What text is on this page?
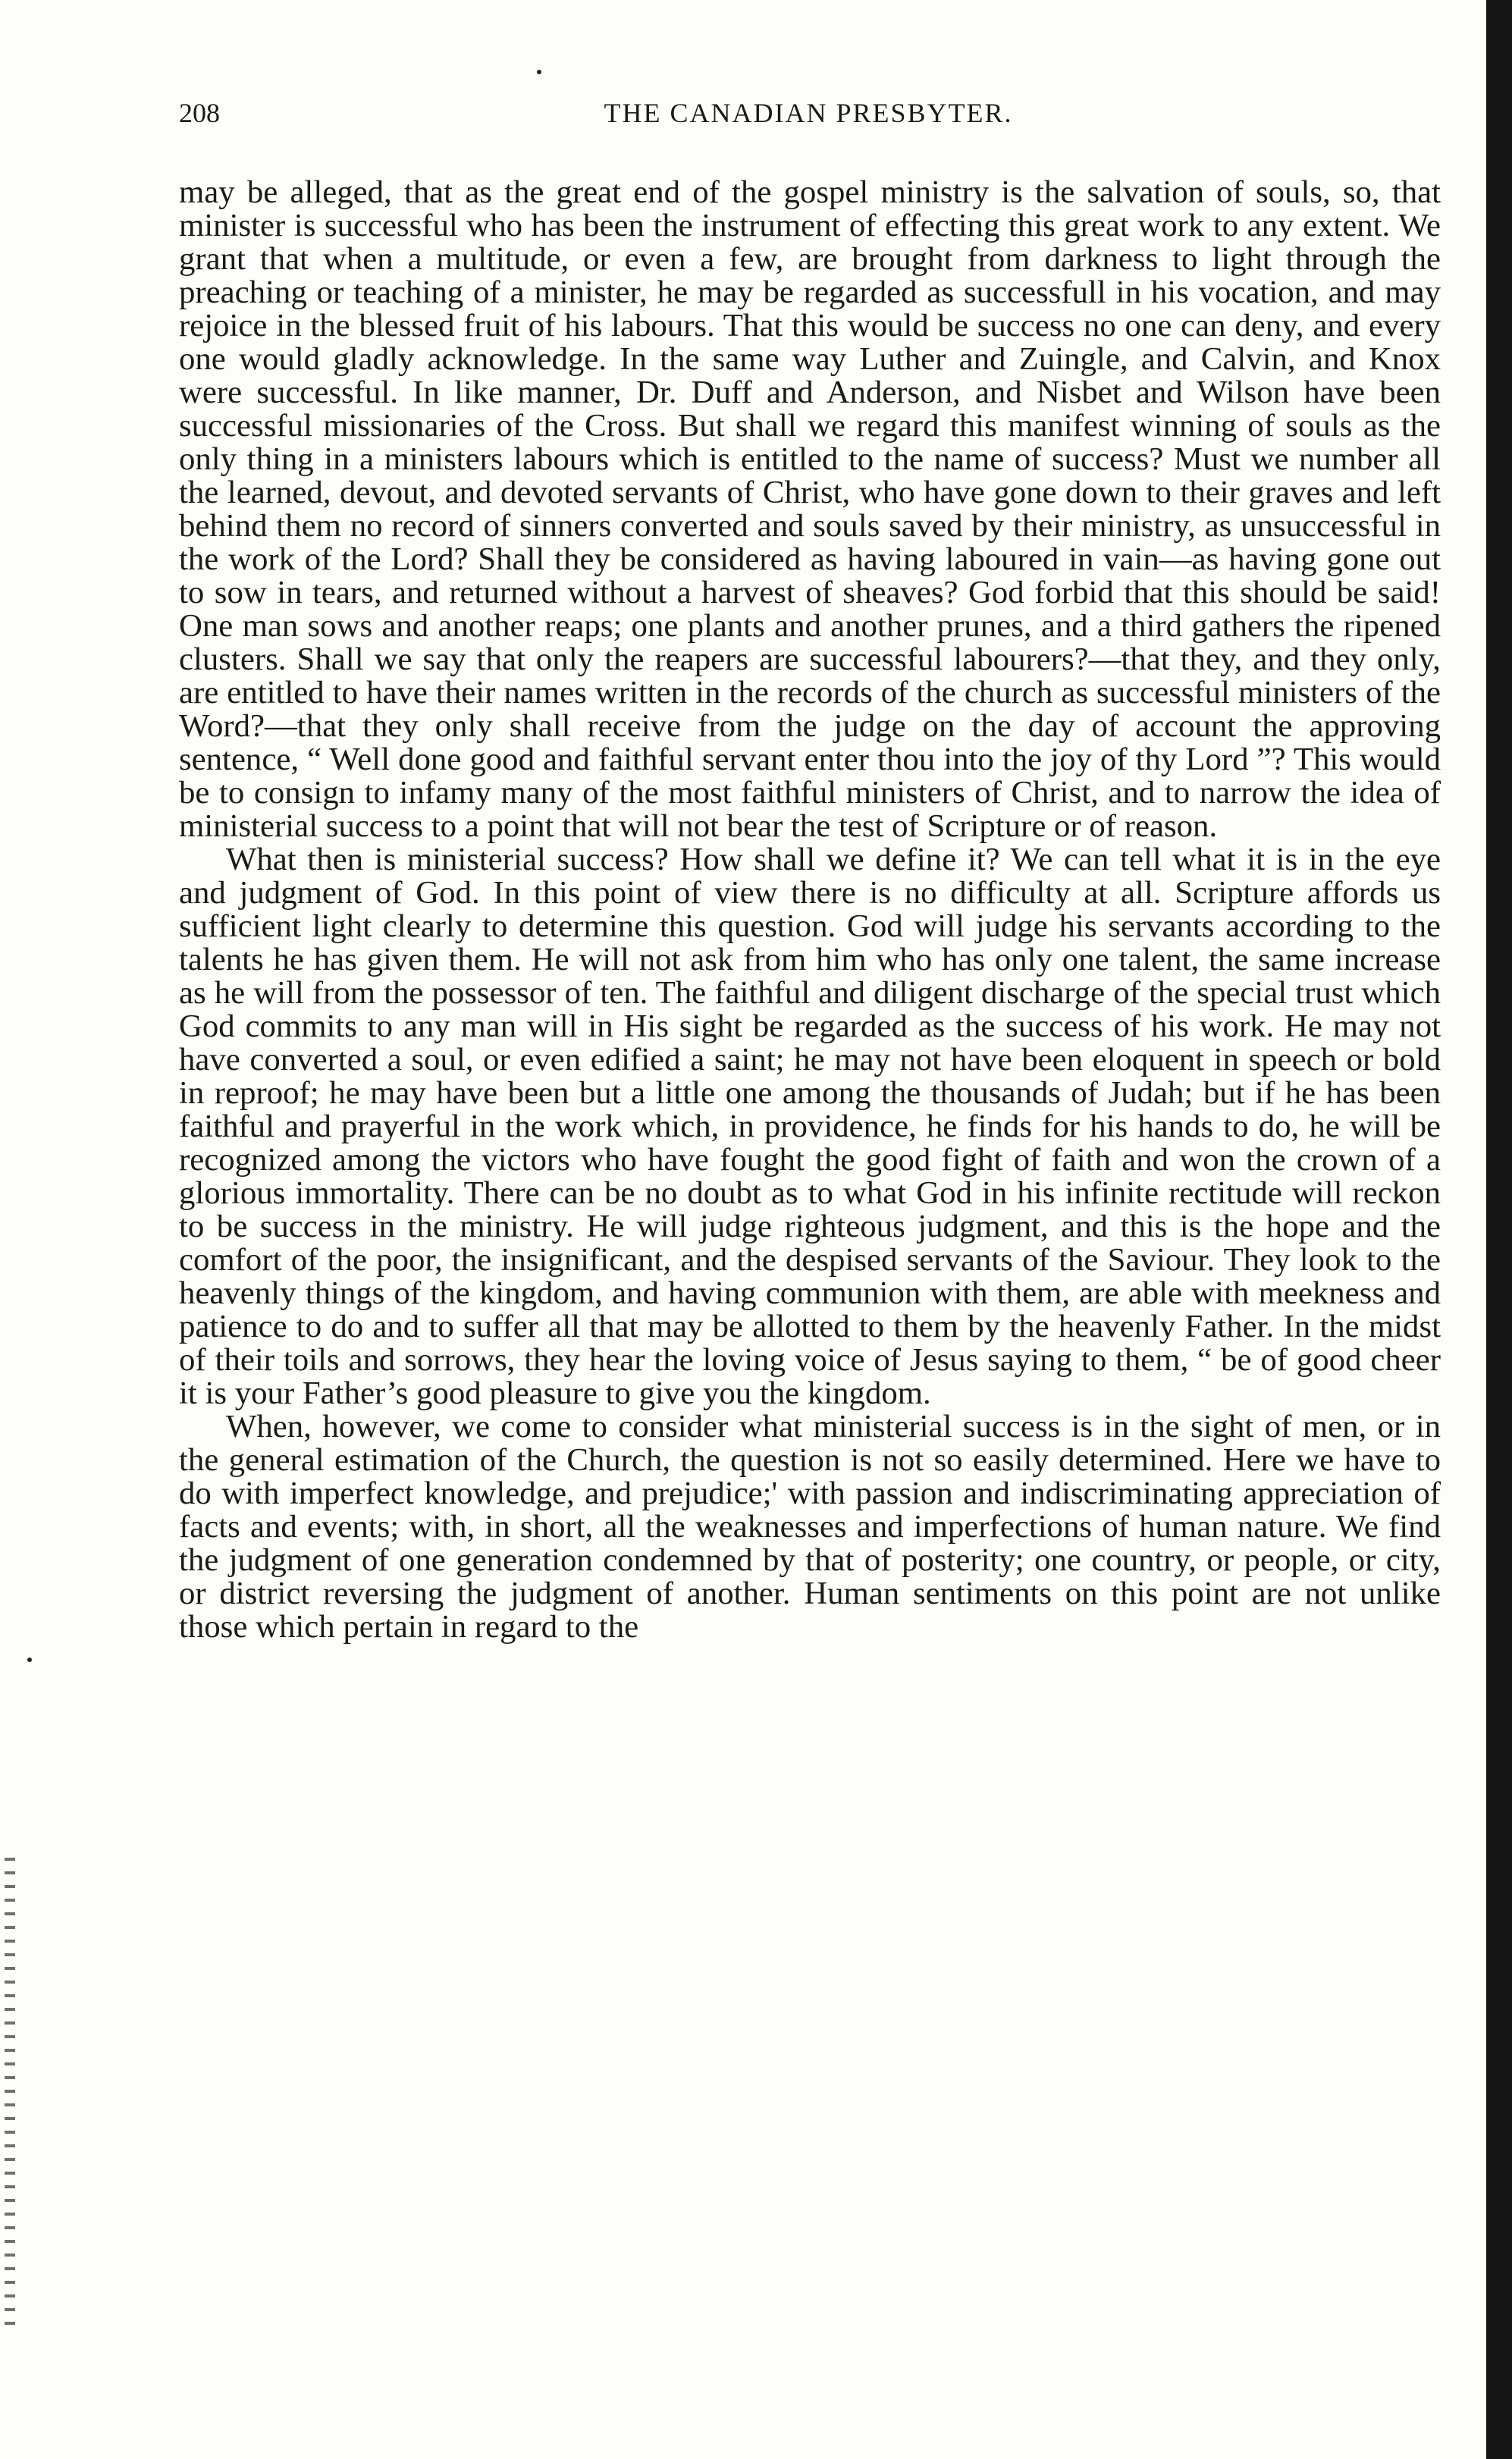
208	THE CANADIAN PRESBYTER.

may be alleged, that as the great end of the gospel ministry is the salvation of souls, so, that minister is successful who has been the instrument of effecting this great work to any extent. We grant that when a multitude, or even a few, are brought from darkness to light through the preaching or teaching of a minister, he may be regarded as successfull in his vocation, and may rejoice in the blessed fruit of his labours. That this would be success no one can deny, and every one would gladly acknowledge. In the same way Luther and Zuingle, and Calvin, and Knox were successful. In like manner, Dr. Duff and Anderson, and Nisbet and Wilson have been successful missionaries of the Cross. But shall we regard this manifest winning of souls as the only thing in a ministers labours which is entitled to the name of success? Must we number all the learned, devout, and devoted servants of Christ, who have gone down to their graves and left behind them no record of sinners converted and souls saved by their ministry, as unsuccessful in the work of the Lord? Shall they be considered as having laboured in vain—as having gone out to sow in tears, and returned without a harvest of sheaves? God forbid that this should be said! One man sows and another reaps; one plants and another prunes, and a third gathers the ripened clusters. Shall we say that only the reapers are successful labourers?—that they, and they only, are entitled to have their names written in the records of the church as successful ministers of the Word?—that they only shall receive from the judge on the day of account the approving sentence, “ Well done good and faithful servant enter thou into the joy of thy Lord ”? This would be to consign to infamy many of the most faithful ministers of Christ, and to narrow the idea of ministerial success to a point that will not bear the test of Scripture or of reason.

What then is ministerial success? How shall we define it? We can tell what it is in the eye and judgment of God. In this point of view there is no difficulty at all. Scripture affords us sufficient light clearly to determine this question. God will judge his servants according to the talents he has given them. He will not ask from him who has only one talent, the same increase as he will from the possessor of ten. The faithful and diligent discharge of the special trust which God commits to any man will in His sight be regarded as the success of his work. He may not have converted a soul, or even edified a saint; he may not have been eloquent in speech or bold in reproof; he may have been but a little one among the thousands of Judah; but if he has been faithful and prayerful in the work which, in providence, he finds for his hands to do, he will be recognized among the victors who have fought the good fight of faith and won the crown of a glorious immortality. There can be no doubt as to what God in his infinite rectitude will reckon to be success in the ministry. He will judge righteous judgment, and this is the hope and the comfort of the poor, the insignificant, and the despised servants of the Saviour. They look to the heavenly things of the kingdom, and having communion with them, are able with meekness and patience to do and to suffer all that may be allotted to them by the heavenly Father. In the midst of their toils and sorrows, they hear the loving voice of Jesus saying to them, “ be of good cheer it is your Father’s good pleasure to give you the kingdom.

When, however, we come to consider what ministerial success is in the sight of men, or in the general estimation of the Church, the question is not so easily determined. Here we have to do with imperfect knowledge, and prejudice;' with passion and indiscriminating appreciation of facts and events; with, in short, all the weaknesses and imperfections of human nature. We find the judgment of one generation condemned by that of posterity; one country, or people, or city, or district reversing the judgment of another. Human sentiments on this point are not unlike those which pertain in regard to the
